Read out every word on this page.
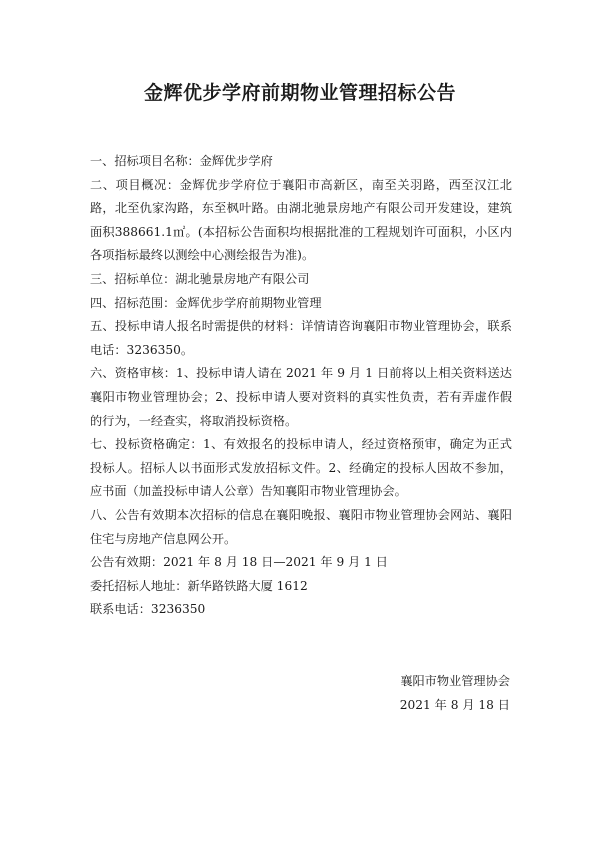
金辉优步学府前期物业管理招标公告

一、招标项目名称：金辉优步学府

二、项目概况：金辉优步学府位于襄阳市高新区，南至关羽路，西至汉江北路，北至仇家沟路，东至枫叶路。由湖北驰景房地产有限公司开发建设，建筑面积388661.1㎡。(本招标公告面积均根据批准的工程规划许可面积，小区内各项指标最终以测绘中心测绘报告为准)。

三、招标单位：湖北驰景房地产有限公司

四、招标范围：金辉优步学府前期物业管理

五、投标申请人报名时需提供的材料：详情请咨询襄阳市物业管理协会，联系电话：3236350。

六、资格审核：1、投标申请人请在 2021 年 9 月 1 日前将以上相关资料送达襄阳市物业管理协会；2、投标申请人要对资料的真实性负责，若有弄虚作假的行为，一经查实，将取消投标资格。

七、投标资格确定：1、有效报名的投标申请人，经过资格预审，确定为正式投标人。招标人以书面形式发放招标文件。2、经确定的投标人因故不参加，应书面（加盖投标申请人公章）告知襄阳市物业管理协会。

八、公告有效期本次招标的信息在襄阳晚报、襄阳市物业管理协会网站、襄阳住宅与房地产信息网公开。

公告有效期：2021 年 8 月 18 日—2021 年 9 月 1 日

委托招标人地址：新华路铁路大厦 1612

联系电话：3236350

襄阳市物业管理协会
2021 年 8 月 18 日
